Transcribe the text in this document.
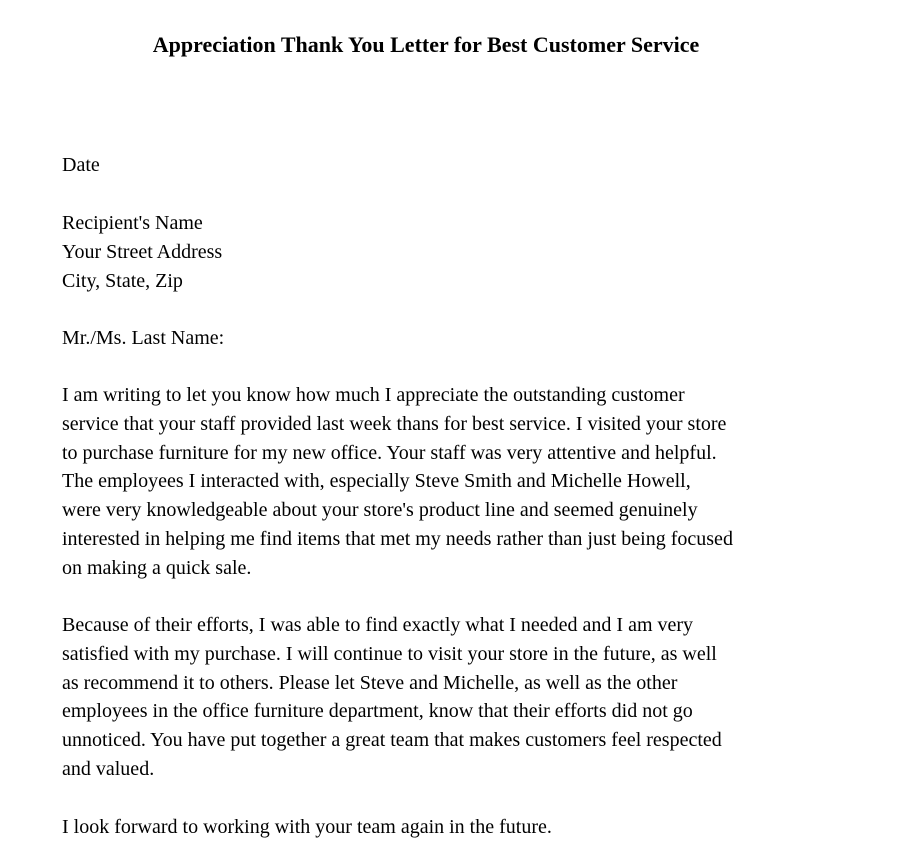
Appreciation Thank You Letter for Best Customer Service

Date

Recipient's Name
Your Street Address
City, State, Zip

Mr./Ms. Last Name:

I am writing to let you know how much I appreciate the outstanding customer
service that your staff provided last week thans for best service. I visited your store
to purchase furniture for my new office. Your staff was very attentive and helpful.
The employees I interacted with, especially Steve Smith and Michelle Howell,
were very knowledgeable about your store's product line and seemed genuinely
interested in helping me find items that met my needs rather than just being focused
on making a quick sale.
Because of their efforts, I was able to find exactly what I needed and I am very
satisfied with my purchase. I will continue to visit your store in the future, as well
as recommend it to others. Please let Steve and Michelle, as well as the other
employees in the office furniture department, know that their efforts did not go
unnoticed. You have put together a great team that makes customers feel respected
and valued.

I look forward to working with your team again in the future.
